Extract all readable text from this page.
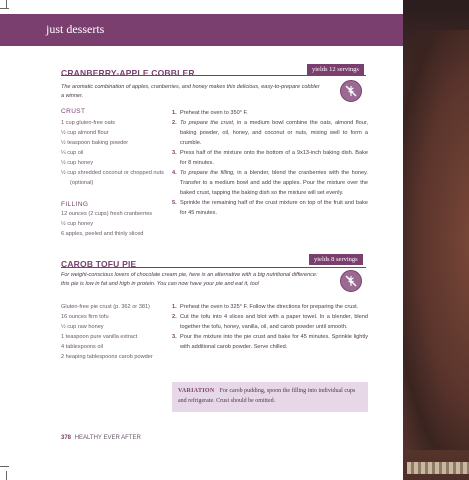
just desserts
CRANBERRY-APPLE COBBLER	yields 12 servings
The aromatic combination of apples, cranberries, and honey makes this delicious, easy-to-prepare cobbler a winner.
CRUST
1 cup gluten-free oats
½ cup almond flour
½ teaspoon baking powder
¼ cup oil
½ cup honey
½ cup shredded coconut or chopped nuts (optional)
FILLING
12 ounces (2 cups) fresh cranberries
½ cup honey
6 apples, peeled and thinly sliced
1. Preheat the oven to 350° F.
2. To prepare the crust, in a medium bowl combine the oats, almond flour, baking powder, oil, honey, and coconut or nuts, mixing well to form a crumble.
3. Press half of the mixture onto the bottom of a 9x13-inch baking dish. Bake for 8 minutes.
4. To prepare the filling, in a blender, blend the cranberries with the honey. Transfer to a medium bowl and add the apples. Pour the mixture over the baked crust, tapping the baking dish so the mixture will set evenly.
5. Sprinkle the remaining half of the crust mixture on top of the fruit and bake for 45 minutes.
CAROB TOFU PIE	yields 8 servings
For weight-conscious lovers of chocolate cream pie, here is an alternative with a big nutritional difference: this pie is low in fat and high in protein. You can now have your pie and eat it, too!
Gluten-free pie crust (p. 362 or 381)
16 ounces firm tofu
½ cup raw honey
1 teaspoon pure vanilla extract
4 tablespoons oil
2 heaping tablespoons carob powder
1. Preheat the oven to 325° F. Follow the directions for preparing the crust.
2. Cut the tofu into 4 slices and blot with a paper towel. In a blender, blend together the tofu, honey, vanilla, oil, and carob powder until smooth.
3. Pour the mixture into the pie crust and bake for 45 minutes. Sprinkle lightly with additional carob powder. Serve chilled.
VARIATION For carob pudding, spoon the filling into individual cups and refrigerate. Crust should be omitted.
378 HEALTHY EVER AFTER
